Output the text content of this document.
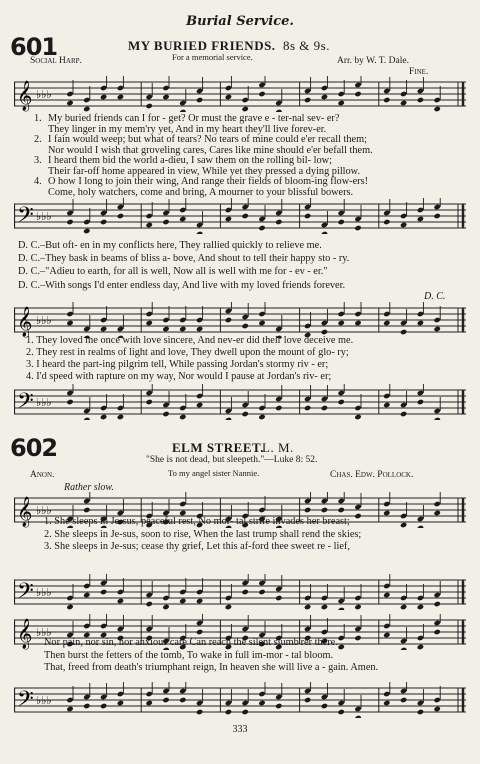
Burial Service.
601	MY BURIED FRIENDS. 8s & 9s.
Social Harp.	For a memorial service.	Arr. by W. T. Dale.
Fine.
𝄞 ♭♭♭
1. My buried friends can I for - get? Or must the grave e - ter-nal sev- er?
They linger in my mem'ry yet, And in my heart they'll live forev-er.
2. I fain would weep; but what of tears? No tears of mine could e'er recall them;
Nor would I wish that groveling cares, Cares like mine should e'er befall them.
3. I heard them bid the world a-dieu, I saw them on the rolling bil- low;
Their far-off home appeared in view, While yet they pressed a dying pillow.
4. O how I long to join their wing, And range their fields of bloom-ing flow-ers!
Come, holy watchers, come and bring, A mourner to your blissful bowers.
𝄢 ♭♭♭
D. C.–But oft- en in my conflicts here, They rallied quickly to relieve me.
D. C.–They bask in beams of bliss a- bove, And shout to tell their happy sto - ry.
D. C.–"Adieu to earth, for all is well, Now all is well with me for - ev - er."
D. C.–With songs I'd enter endless day, And live with my loved friends forever.
D. C.
𝄞 ♭♭♭
1. They loved me once with love sincere, And nev-er did their love deceive me.
2. They rest in realms of light and love, They dwell upon the mount of glo- ry;
3. I heard the part-ing pilgrim tell, While passing Jordan's stormy riv - er;
4. I'd speed with rapture on my way, Nor would I pause at Jordan's riv- er;
𝄢 ♭♭♭
602	ELM STREET.
L. M.
"She is not dead, but sleepeth."—Luke 8: 52.
To my angel sister Nannie.
Anon.	Chas. Edw. Pollock.
Rather slow.
𝄞 ♭♭♭
1. She sleeps in Je-sus, peaceful rest, No mor- tal strife invades her breast;
2. She sleeps in Je-sus, soon to rise, When the last trump shall rend the skies;
3. She sleeps in Je-sus; cease thy grief, Let this af-ford thee sweet re - lief,
𝄢 ♭♭♭
𝄞 ♭♭♭
Nor pain, nor sin, nor anxious care Can reach the silent slumb'rer there.
Then burst the fetters of the tomb, To wake in full im-mor - tal bloom.
That, freed from death's triumphant reign, In heaven she will live a - gain. Amen.
𝄢 ♭♭♭
333
